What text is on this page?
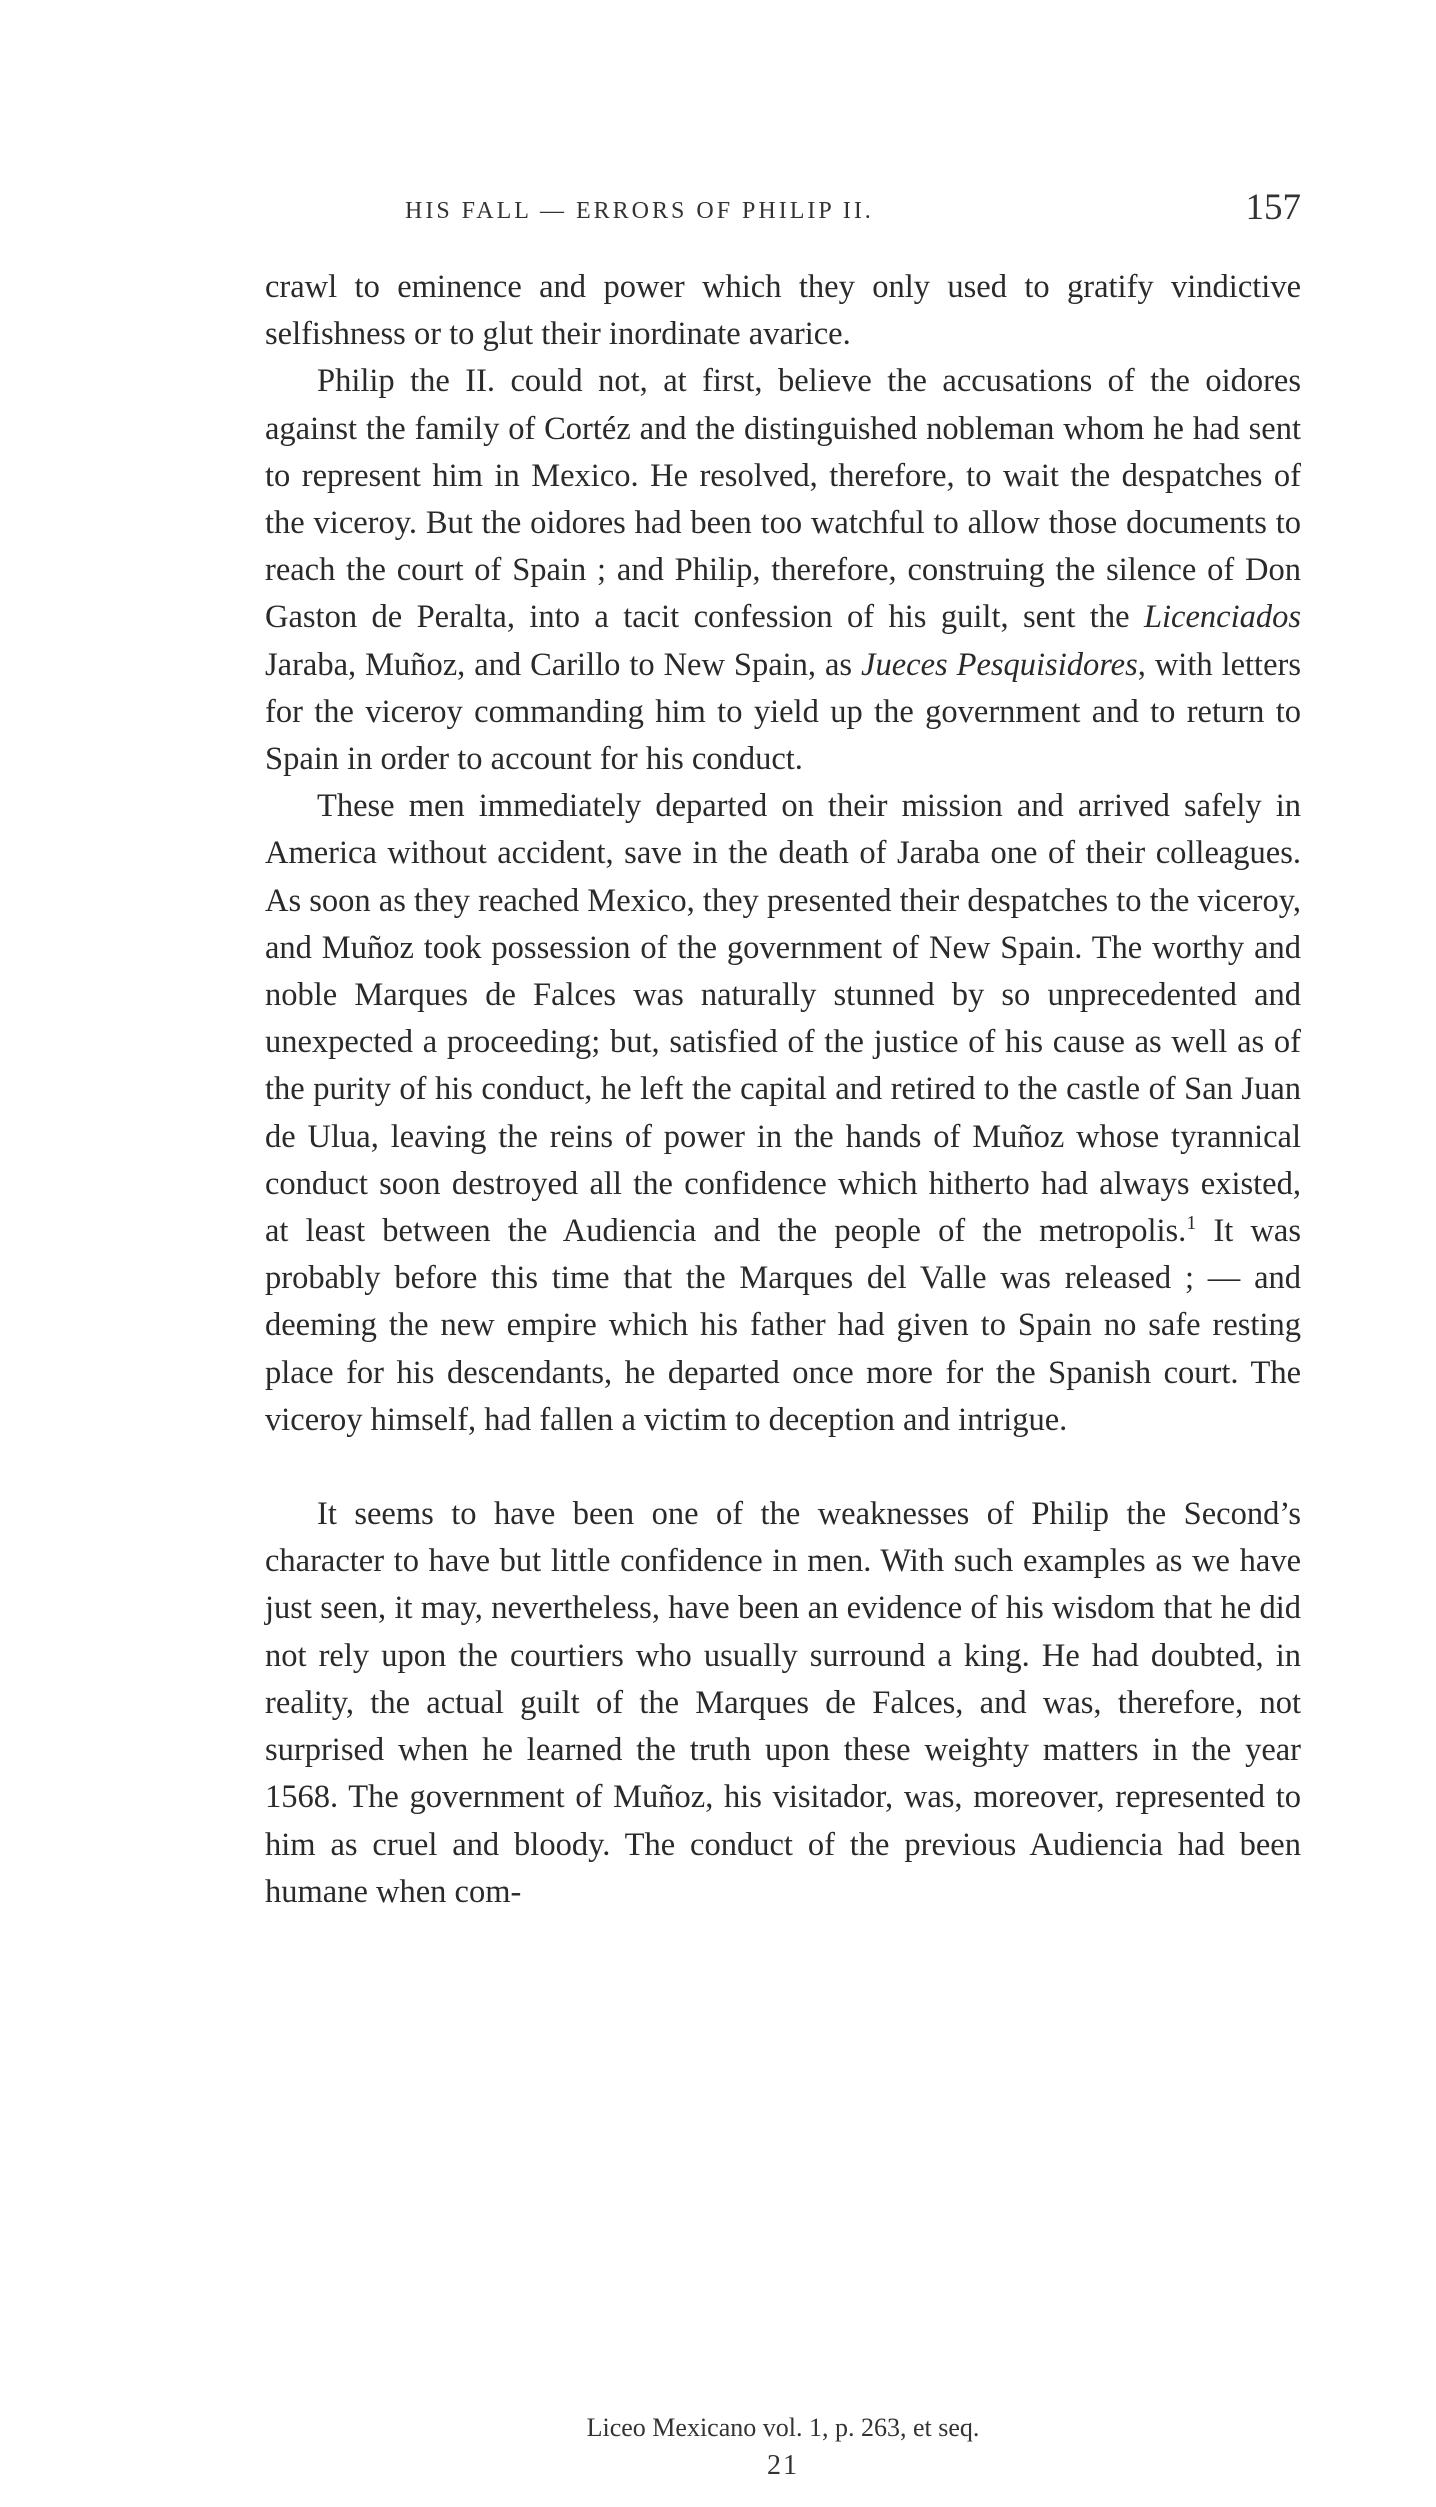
HIS FALL — ERRORS OF PHILIP II.	157

crawl to eminence and power which they only used to gratify vindictive selfishness or to glut their inordinate avarice.

Philip the II. could not, at first, believe the accusations of the oidores against the family of Cortéz and the distinguished nobleman whom he had sent to represent him in Mexico. He resolved, therefore, to wait the despatches of the viceroy. But the oidores had been too watchful to allow those documents to reach the court of Spain ; and Philip, therefore, construing the silence of Don Gaston de Peralta, into a tacit confession of his guilt, sent the Licenciados Jaraba, Muñoz, and Carillo to New Spain, as Jueces Pesquisidores, with letters for the viceroy commanding him to yield up the government and to return to Spain in order to account for his conduct.

These men immediately departed on their mission and arrived safely in America without accident, save in the death of Jaraba one of their colleagues. As soon as they reached Mexico, they presented their despatches to the viceroy, and Muñoz took possession of the government of New Spain. The worthy and noble Marques de Falces was naturally stunned by so unprecedented and unexpected a proceeding; but, satisfied of the justice of his cause as well as of the purity of his conduct, he left the capital and retired to the castle of San Juan de Ulua, leaving the reins of power in the hands of Muñoz whose tyrannical conduct soon destroyed all the confidence which hitherto had always existed, at least between the Audiencia and the people of the metropolis.$^1$ It was probably before this time that the Marques del Valle was released ; — and deeming the new empire which his father had given to Spain no safe resting place for his descendants, he departed once more for the Spanish court. The viceroy himself, had fallen a victim to deception and intrigue.

It seems to have been one of the weaknesses of Philip the Second’s character to have but little confidence in men. With such examples as we have just seen, it may, nevertheless, have been an evidence of his wisdom that he did not rely upon the courtiers who usually surround a king. He had doubted, in reality, the actual guilt of the Marques de Falces, and was, therefore, not surprised when he learned the truth upon these weighty matters in the year 1568. The government of Muñoz, his visitador, was, moreover, represented to him as cruel and bloody. The conduct of the previous Audiencia had been humane when com-

Liceo Mexicano vol. 1, p. 263, et seq.
21
